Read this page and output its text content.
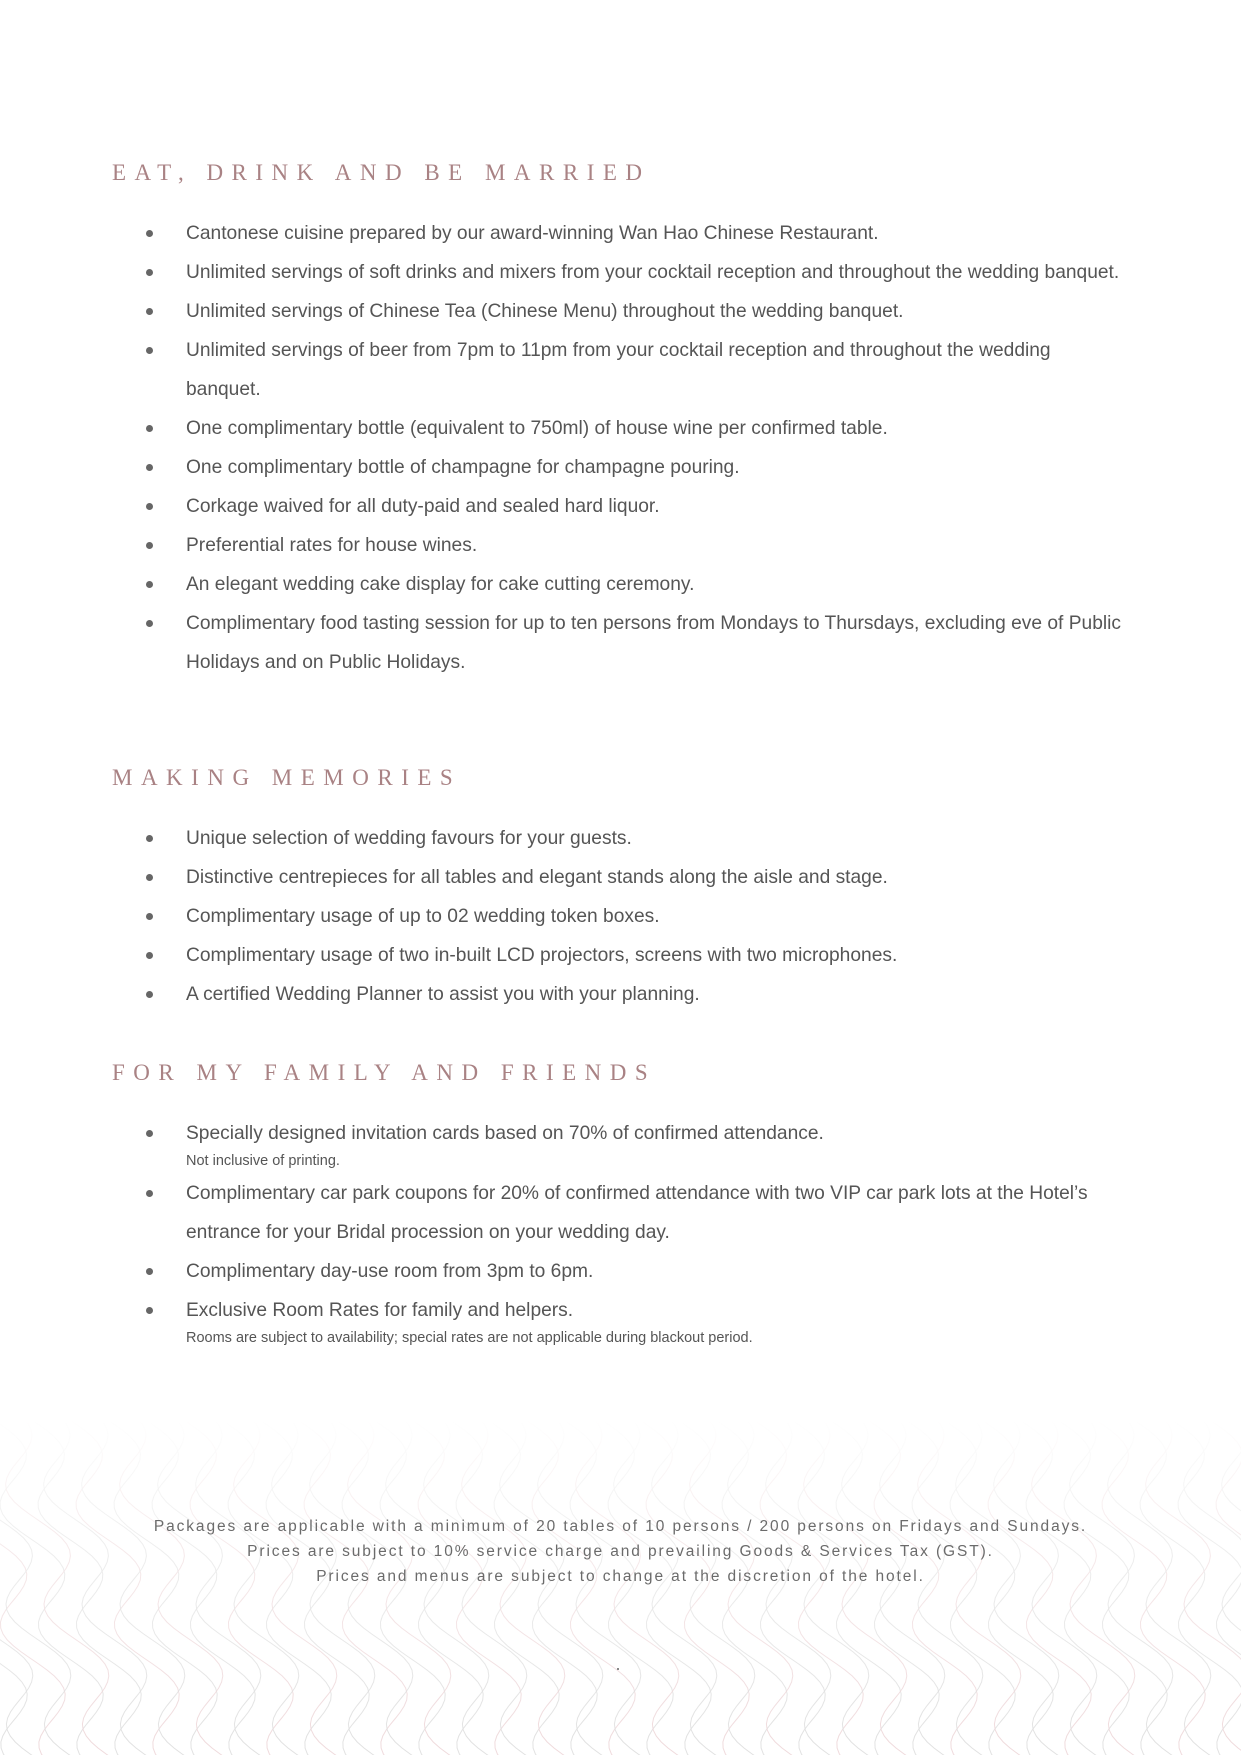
EAT, DRINK AND BE MARRIED
Cantonese cuisine prepared by our award-winning Wan Hao Chinese Restaurant.
Unlimited servings of soft drinks and mixers from your cocktail reception and throughout the wedding banquet.
Unlimited servings of Chinese Tea (Chinese Menu) throughout the wedding banquet.
Unlimited servings of beer from 7pm to 11pm from your cocktail reception and throughout the wedding banquet.
One complimentary bottle (equivalent to 750ml) of house wine per confirmed table.
One complimentary bottle of champagne for champagne pouring.
Corkage waived for all duty-paid and sealed hard liquor.
Preferential rates for house wines.
An elegant wedding cake display for cake cutting ceremony.
Complimentary food tasting session for up to ten persons from Mondays to Thursdays, excluding eve of Public Holidays and on Public Holidays.
MAKING MEMORIES
Unique selection of wedding favours for your guests.
Distinctive centrepieces for all tables and elegant stands along the aisle and stage.
Complimentary usage of up to 02 wedding token boxes.
Complimentary usage of two in-built LCD projectors, screens with two microphones.
A certified Wedding Planner to assist you with your planning.
FOR MY FAMILY AND FRIENDS
Specially designed invitation cards based on 70% of confirmed attendance.
Not inclusive of printing.
Complimentary car park coupons for 20% of confirmed attendance with two VIP car park lots at the Hotel’s entrance for your Bridal procession on your wedding day.
Complimentary day-use room from 3pm to 6pm.
Exclusive Room Rates for family and helpers.
Rooms are subject to availability; special rates are not applicable during blackout period.

Packages are applicable with a minimum of 20 tables of 10 persons / 200 persons on Fridays and Sundays.

Prices are subject to 10% service charge and prevailing Goods & Services Tax (GST).

Prices and menus are subject to change at the discretion of the hotel.
